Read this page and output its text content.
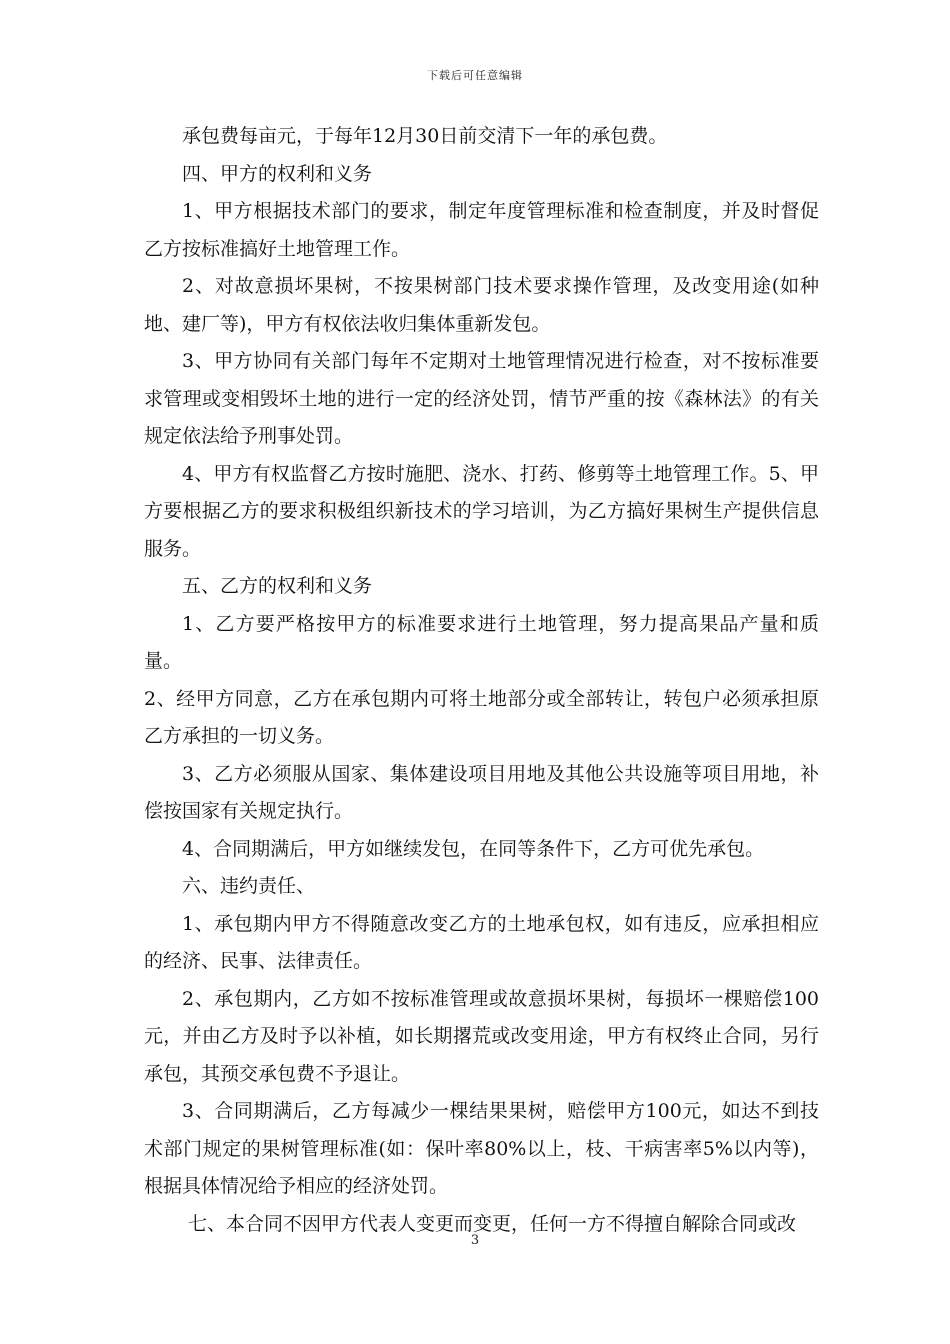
下载后可任意编辑

承包费每亩元，于每年12月30日前交清下一年的承包费。

四、甲方的权利和义务

1、甲方根据技术部门的要求，制定年度管理标准和检查制度，并及时督促乙方按标准搞好土地管理工作。

2、对故意损坏果树，不按果树部门技术要求操作管理，及改变用途(如种地、建厂等)，甲方有权依法收归集体重新发包。

3、甲方协同有关部门每年不定期对土地管理情况进行检查，对不按标准要求管理或变相毁坏土地的进行一定的经济处罚，情节严重的按《森林法》的有关规定依法给予刑事处罚。

4、甲方有权监督乙方按时施肥、浇水、打药、修剪等土地管理工作。5、甲方要根据乙方的要求积极组织新技术的学习培训，为乙方搞好果树生产提供信息服务。

五、乙方的权利和义务

1、乙方要严格按甲方的标准要求进行土地管理，努力提高果品产量和质量。

2、经甲方同意，乙方在承包期内可将土地部分或全部转让，转包户必须承担原乙方承担的一切义务。

3、乙方必须服从国家、集体建设项目用地及其他公共设施等项目用地，补偿按国家有关规定执行。

4、合同期满后，甲方如继续发包，在同等条件下，乙方可优先承包。

六、违约责任、

1、承包期内甲方不得随意改变乙方的土地承包权，如有违反，应承担相应的经济、民事、法律责任。

2、承包期内，乙方如不按标准管理或故意损坏果树，每损坏一棵赔偿100元，并由乙方及时予以补植，如长期撂荒或改变用途，甲方有权终止合同，另行承包，其预交承包费不予退让。

3、合同期满后，乙方每减少一棵结果果树，赔偿甲方100元，如达不到技术部门规定的果树管理标准(如：保叶率80%以上，枝、干病害率5%以内等)，根据具体情况给予相应的经济处罚。

七、本合同不因甲方代表人变更而变更，任何一方不得擅自解除合同或改

3
